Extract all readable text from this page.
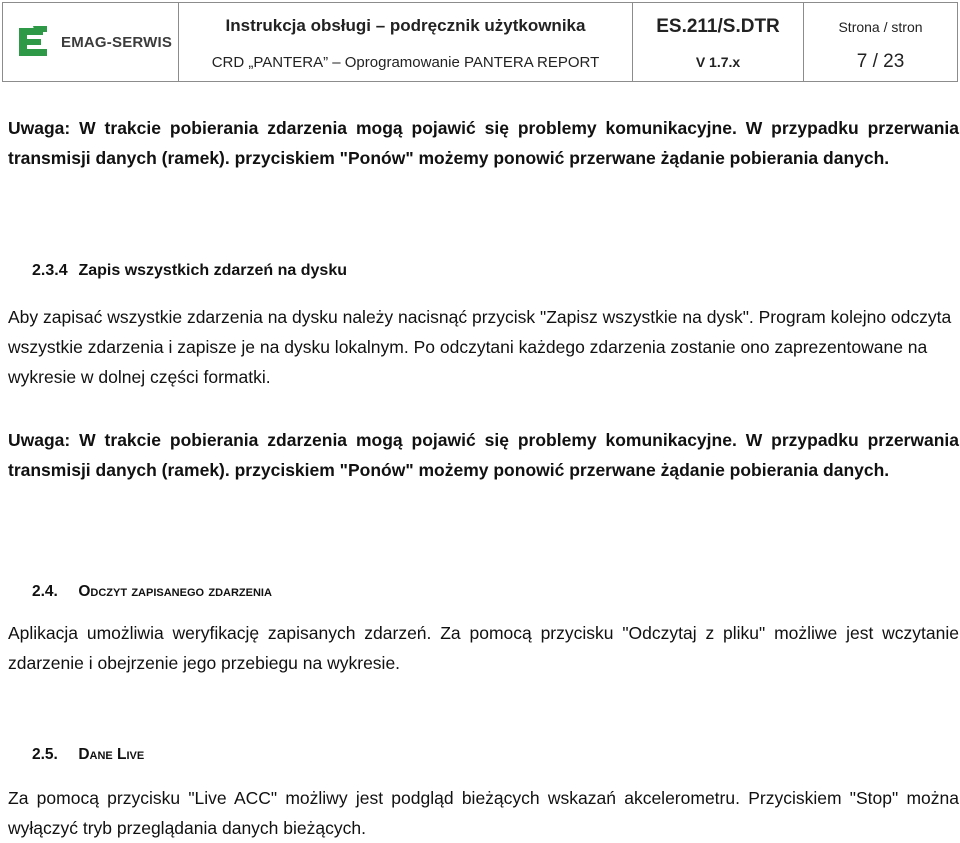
EMAG-SERWIS
Instrukcja obsługi – podręcznik użytkownika	ES.211/S.DTR	Strona / stron
CRD „PANTERA” – Oprogramowanie PANTERA REPORT	V 1.7.x	7 / 23

Uwaga: W trakcie pobierania zdarzenia mogą pojawić się problemy komunikacyjne. W przypadku przerwania transmisji danych (ramek). przyciskiem "Ponów" możemy ponowić przerwane żądanie pobierania danych.

2.3.4 Zapis wszystkich zdarzeń na dysku

Aby zapisać wszystkie zdarzenia na dysku należy nacisnąć przycisk "Zapisz wszystkie na dysk". Program kolejno odczyta wszystkie zdarzenia i zapisze je na dysku lokalnym. Po odczytani każdego zdarzenia zostanie ono zaprezentowane na wykresie w dolnej części formatki.

Uwaga: W trakcie pobierania zdarzenia mogą pojawić się problemy komunikacyjne. W przypadku przerwania transmisji danych (ramek). przyciskiem "Ponów" możemy ponowić przerwane żądanie pobierania danych.

2.4. Odczyt zapisanego zdarzenia

Aplikacja umożliwia weryfikację zapisanych zdarzeń. Za pomocą przycisku "Odczytaj z pliku" możliwe jest wczytanie zdarzenie i obejrzenie jego przebiegu na wykresie.

2.5. Dane Live

Za pomocą przycisku "Live ACC" możliwy jest podgląd bieżących wskazań akcelerometru. Przyciskiem "Stop" można wyłączyć tryb przeglądania danych bieżących.
